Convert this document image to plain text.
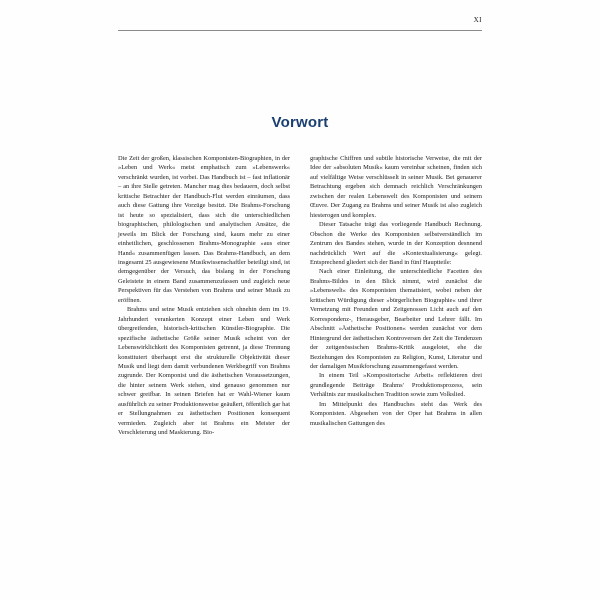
XI
Vorwort

Die Zeit der großen, klassischen Komponisten-Biographien, in der »Leben und Werk« meist emphatisch zum »Lebenswerk« verschränkt wurden, ist vorbei. Das Handbuch ist – fast inflationär – an ihre Stelle getreten. Mancher mag dies bedauern, doch selbst kritische Betrachter der Handbuch-Flut werden einräumen, dass auch diese Gattung ihre Vorzüge besitzt. Die Brahms-Forschung ist heute so spezialisiert, dass sich die unterschiedlichen biographischen, philologischen und analytischen Ansätze, die jeweils im Blick der Forschung sind, kaum mehr zu einer einheitlichen, geschlossenen Brahms-Monographie »aus einer Hand« zusammenfügen lassen. Das Brahms-Handbuch, an dem insgesamt 25 ausgewiesene Musikwissenschaftler beteiligt sind, ist demgegenüber der Versuch, das bislang in der Forschung Geleistete in einem Band zusammenzufassen und zugleich neue Perspektiven für das Verstehen von Brahms und seiner Musik zu eröffnen.

Brahms und seine Musik entziehen sich ohnehin dem im 19. Jahrhundert verankerten Konzept einer Leben und Werk übergreifenden, historisch-kritischen Künstler-Biographie. Die spezifische ästhetische Größe seiner Musik scheint von der Lebenswirklichkeit des Komponisten getrennt, ja diese Trennung konstituiert überhaupt erst die strukturelle Objektivität dieser Musik und liegt dem damit verbundenen Werkbegriff von Brahms zugrunde. Der Komponist und die ästhetischen Voraussetzungen, die hinter seinem Werk stehen, sind genauso genommen nur schwer greifbar. In seinen Briefen hat er Wahl-Wiener kaum ausführlich zu seiner Produktionsweise geäußert, öffentlich gar hat er Stellungnahmen zu ästhetischen Positionen konsequent vermieden. Zugleich aber ist Brahms ein Meister der Verschleierung und Maskierung. Bio-

graphische Chiffren und subtile historische Verweise, die mit der Idee der »absoluten Musik« kaum vereinbar scheinen, finden sich auf vielfältige Weise verschlüsselt in seiner Musik. Bei genauerer Betrachtung ergeben sich demnach reichlich Verschränkungen zwischen der realen Lebenswelt des Komponisten und seinem Œuvre. Der Zugang zu Brahms und seiner Musik ist also zugleich hiesterogen und komplex.

Dieser Tatsache trägt das vorliegende Handbuch Rechnung. Obschon die Werke des Komponisten selbstverständlich im Zentrum des Bandes stehen, wurde in der Konzeption desnnend nachdrücklich Wert auf die »Kontextualisierung« gelegt. Entsprechend gliedert sich der Band in fünf Hauptteile:

Nach einer Einleitung, die unterschiedliche Facetten des Brahms-Bildes in den Blick nimmt, wird zunächst die »Lebenswelt« des Komponisten thematisiert, wobei neben der kritischen Würdigung dieser »bürgerlichen Biographie« und ihrer Vernetzung mit Freunden und Zeitgenossen Licht auch auf den Korrespondenz-, Herausgeber, Bearbeiter und Lehrer fällt. Im Abschnitt »Ästhetische Positionen« werden zunächst vor dem Hintergrund der ästhetischen Kontroversen der Zeit die Tendenzen der zeitgenössischen Brahms-Kritik ausgelotet, ehe die Beziehungen des Komponisten zu Religion, Kunst, Literatur und der damaligen Musikforschung zusammengefasst werden.

In einem Teil »Kompositorische Arbeit« reflektieren drei grundlegende Beiträge Brahms' Produktionsprozess, sein Verhältnis zur musikalischen Tradition sowie zum Volkslied.

Im Mittelpunkt des Handbuches steht das Werk des Komponisten. Abgesehen von der Oper hat Brahms in allen musikalischen Gattungen des
